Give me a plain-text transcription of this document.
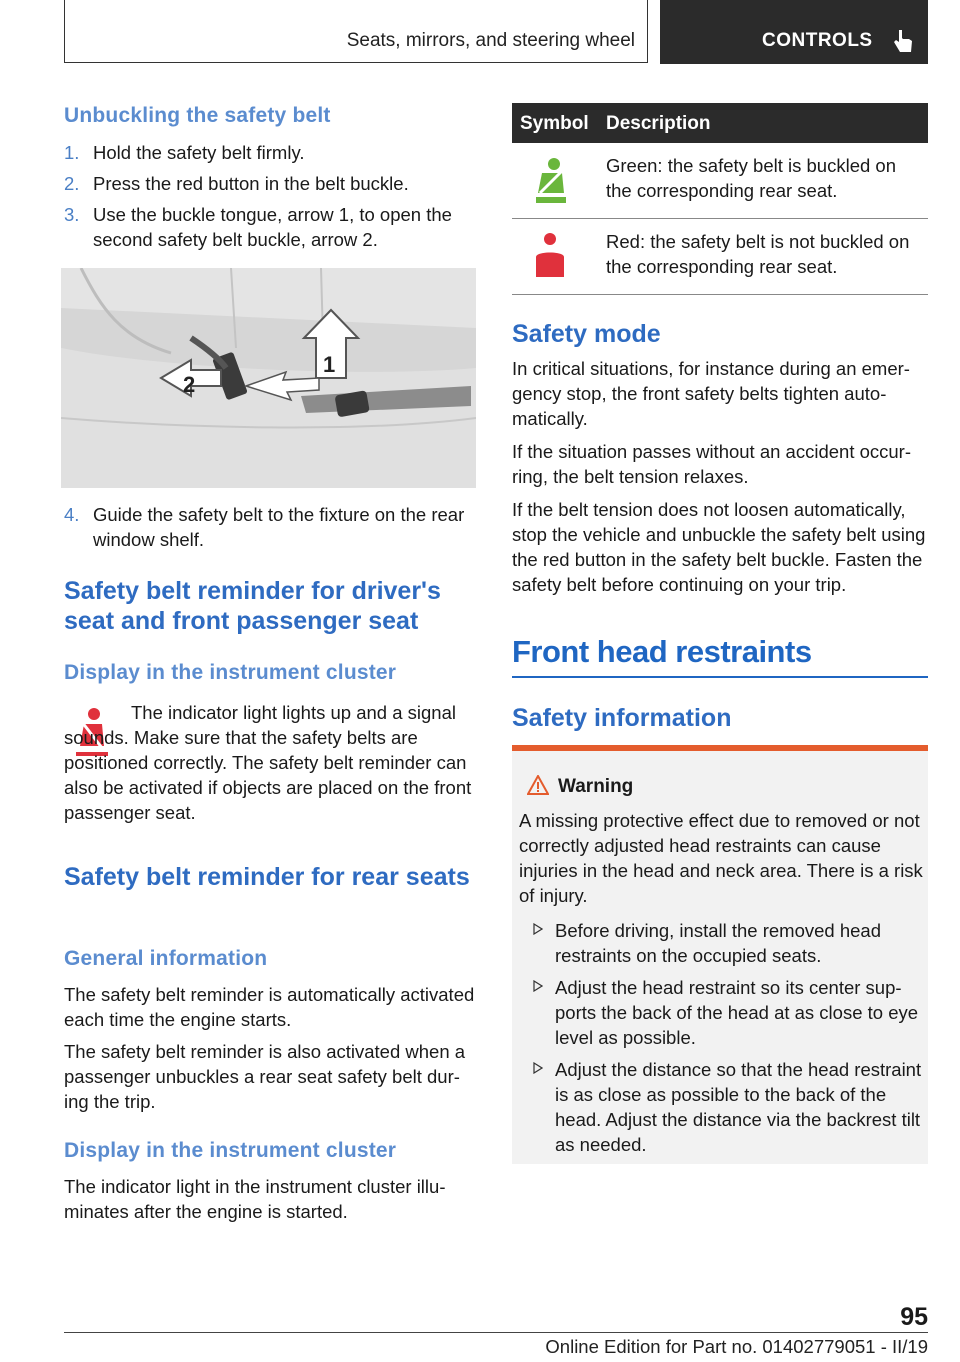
Seats, mirrors, and steering wheel	CONTROLS
Unbuckling the safety belt
1. Hold the safety belt firmly.
2. Press the red button in the belt buckle.
3. Use the buckle tongue, arrow 1, to open the second safety belt buckle, arrow 2.
2
1
4. Guide the safety belt to the fixture on the rear window shelf.
Safety belt reminder for driver's seat and front passenger seat
Display in the instrument cluster

The indicator light lights up and a signal sounds. Make sure that the safety belts are positioned correctly. The safety belt reminder can also be activated if objects are placed on the front passenger seat.

Safety belt reminder for rear seats
General information

The safety belt reminder is automatically activated each time the engine starts.

The safety belt reminder is also activated when a passenger unbuckles a rear seat safety belt during the trip.

Display in the instrument cluster

The indicator light in the instrument cluster illuminates after the engine is started.

Symbol Description
Green: the safety belt is buckled on the corresponding rear seat.
Red: the safety belt is not buckled on the corresponding rear seat.
Safety mode

In critical situations, for instance during an emergency stop, the front safety belts tighten automatically.

If the situation passes without an accident occurring, the belt tension relaxes.

If the belt tension does not loosen automatically, stop the vehicle and unbuckle the safety belt using the red button in the safety belt buckle. Fasten the safety belt before continuing on your trip.

Front head restraints
Safety information
Warning
A missing protective effect due to removed or not correctly adjusted head restraints can cause injuries in the head and neck area. There is a risk of injury.
Before driving, install the removed head restraints on the occupied seats.
Adjust the head restraint so its center supports the back of the head at as close to eye level as possible.
Adjust the distance so that the head restraint is as close as possible to the back of the head. Adjust the distance via the backrest tilt as needed.
95
Online Edition for Part no. 01402779051 - II/19
